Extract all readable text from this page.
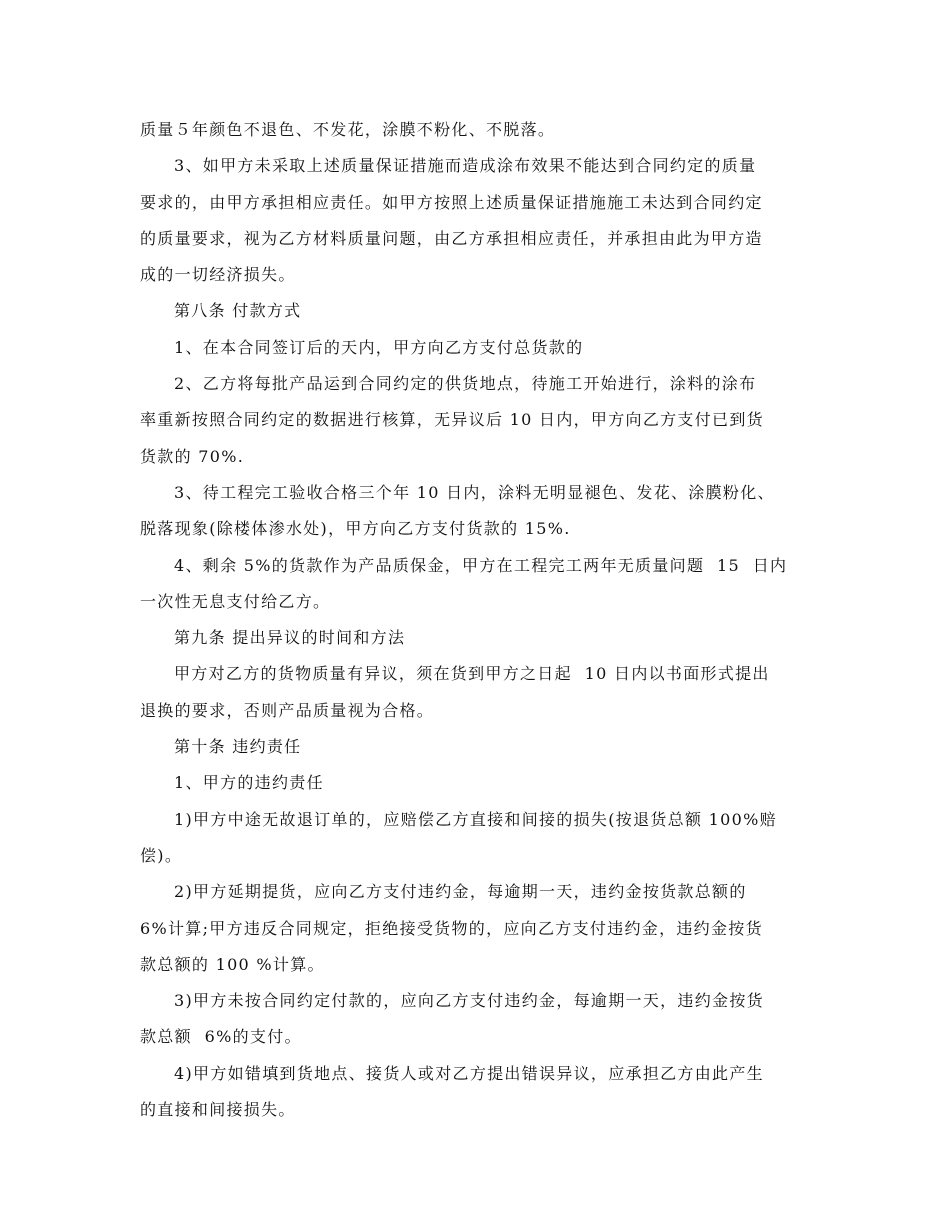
质量５年颜色不退色、不发花，涂膜不粉化、不脱落。
3、如甲方未采取上述质量保证措施而造成涂布效果不能达到合同约定的质量
要求的，由甲方承担相应责任。如甲方按照上述质量保证措施施工未达到合同约定
的质量要求，视为乙方材料质量问题，由乙方承担相应责任，并承担由此为甲方造
成的一切经济损失。
第八条 付款方式
1、在本合同签订后的天内，甲方向乙方支付总货款的
2、乙方将每批产品运到合同约定的供货地点，待施工开始进行，涂料的涂布
率重新按照合同约定的数据进行核算，无异议后 10 日内，甲方向乙方支付已到货
货款的 70%.
3、待工程完工验收合格三个年 10 日内，涂料无明显褪色、发花、涂膜粉化、
脱落现象(除楼体渗水处)，甲方向乙方支付货款的 15%.
4、剩余 5%的货款作为产品质保金，甲方在工程完工两年无质量问题  15  日内
一次性无息支付给乙方。
第九条 提出异议的时间和方法
甲方对乙方的货物质量有异议，须在货到甲方之日起  10 日内以书面形式提出
退换的要求，否则产品质量视为合格。
第十条 违约责任
1、甲方的违约责任
1)甲方中途无故退订单的，应赔偿乙方直接和间接的损失(按退货总额 100%赔
偿)。
2)甲方延期提货，应向乙方支付违约金，每逾期一天，违约金按货款总额的
6%计算;甲方违反合同规定，拒绝接受货物的，应向乙方支付违约金，违约金按货
款总额的 100 %计算。
3)甲方未按合同约定付款的，应向乙方支付违约金，每逾期一天，违约金按货
款总额  6%的支付。
4)甲方如错填到货地点、接货人或对乙方提出错误异议，应承担乙方由此产生
的直接和间接损失。
